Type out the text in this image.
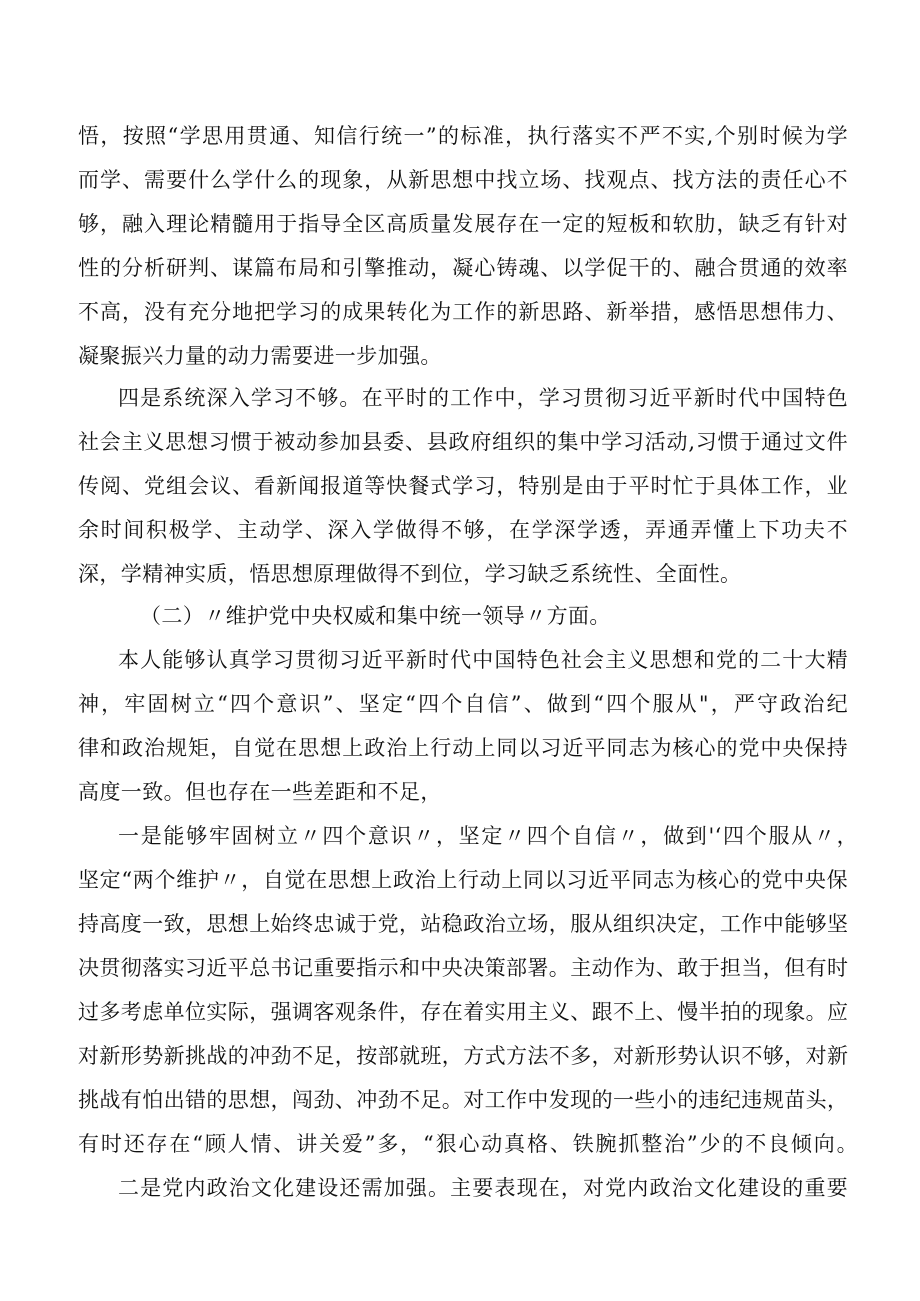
悟，按照“学思用贯通、知信行统一”的标准，执行落实不严不实,个别时候为学
而学、需要什么学什么的现象，从新思想中找立场、找观点、找方法的责任心不
够，融入理论精髓用于指导全区高质量发展存在一定的短板和软肋，缺乏有针对
性的分析研判、谋篇布局和引擎推动，凝心铸魂、以学促干的、融合贯通的效率
不高，没有充分地把学习的成果转化为工作的新思路、新举措，感悟思想伟力、
凝聚振兴力量的动力需要进一步加强。
四是系统深入学习不够。在平时的工作中，学习贯彻习近平新时代中国特色
社会主义思想习惯于被动参加县委、县政府组织的集中学习活动,习惯于通过文件
传阅、党组会议、看新闻报道等快餐式学习，特别是由于平时忙于具体工作，业
余时间积极学、主动学、深入学做得不够，在学深学透，弄通弄懂上下功夫不
深，学精神实质，悟思想原理做得不到位，学习缺乏系统性、全面性。
（二）〃维护党中央权威和集中统一领导〃方面。
本人能够认真学习贯彻习近平新时代中国特色社会主义思想和党的二十大精
神，牢固树立“四个意识”、坚定“四个自信”、做到“四个服从"，严守政治纪
律和政治规矩，自觉在思想上政治上行动上同以习近平同志为核心的党中央保持
高度一致。但也存在一些差距和不足，
一是能够牢固树立〃四个意识〃，坚定〃四个自信〃，做到'‘四个服从〃，
坚定“两个维护〃，自觉在思想上政治上行动上同以习近平同志为核心的党中央保
持高度一致，思想上始终忠诚于党，站稳政治立场，服从组织决定，工作中能够坚
决贯彻落实习近平总书记重要指示和中央决策部署。主动作为、敢于担当，但有时
过多考虑单位实际，强调客观条件，存在着实用主义、跟不上、慢半拍的现象。应
对新形势新挑战的冲劲不足，按部就班，方式方法不多，对新形势认识不够，对新
挑战有怕出错的思想，闯劲、冲劲不足。对工作中发现的一些小的违纪违规苗头，
有时还存在“顾人情、讲关爱”多，“狠心动真格、铁腕抓整治”少的不良倾向。
二是党内政治文化建设还需加强。主要表现在，对党内政治文化建设的重要
